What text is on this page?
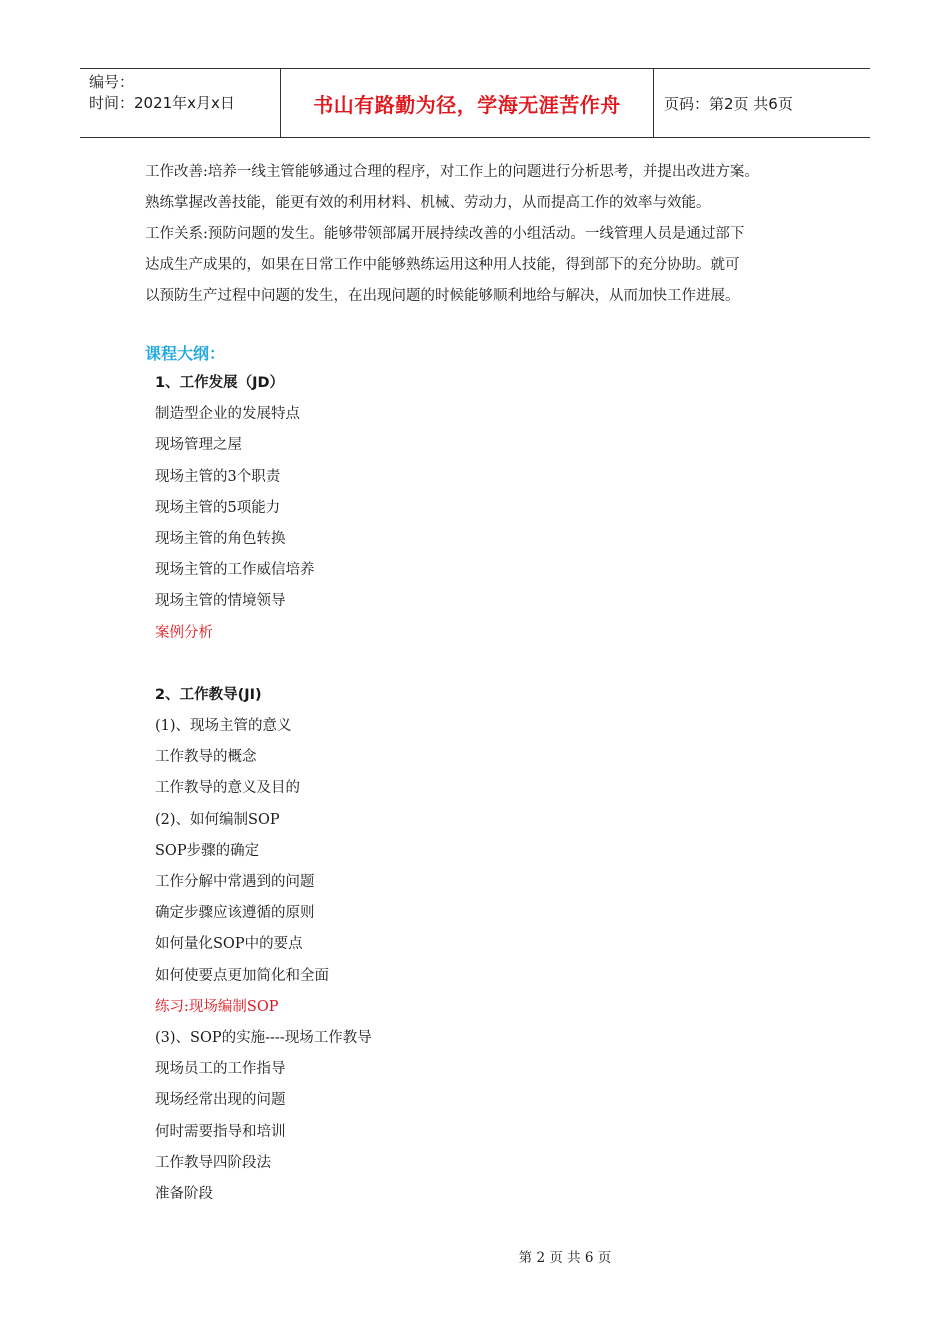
编号：
时间：2021年x月x日	书山有路勤为径，学海无涯苦作舟	页码：第2页 共6页

工作改善:培养一线主管能够通过合理的程序，对工作上的问题进行分析思考，并提出改进方案。

熟练掌握改善技能，能更有效的利用材料、机械、劳动力，从而提高工作的效率与效能。

工作关系:预防问题的发生。能够带领部属开展持续改善的小组活动。一线管理人员是通过部下

达成生产成果的，如果在日常工作中能够熟练运用这种用人技能，得到部下的充分协助。就可

以预防生产过程中问题的发生，在出现问题的时候能够顺利地给与解决，从而加快工作进展。

课程大纲：
1、工作发展（JD）
制造型企业的发展特点
现场管理之屋
现场主管的3个职责
现场主管的5项能力
现场主管的角色转换
现场主管的工作威信培养
现场主管的情境领导
案例分析
2、工作教导(JI)
(1)、现场主管的意义
工作教导的概念
工作教导的意义及目的
(2)、如何编制SOP
SOP步骤的确定
工作分解中常遇到的问题
确定步骤应该遵循的原则
如何量化SOP中的要点
如何使要点更加简化和全面
练习:现场编制SOP
(3)、SOP的实施----现场工作教导
现场员工的工作指导
现场经常出现的问题
何时需要指导和培训
工作教导四阶段法
准备阶段
第 2 页 共 6 页
